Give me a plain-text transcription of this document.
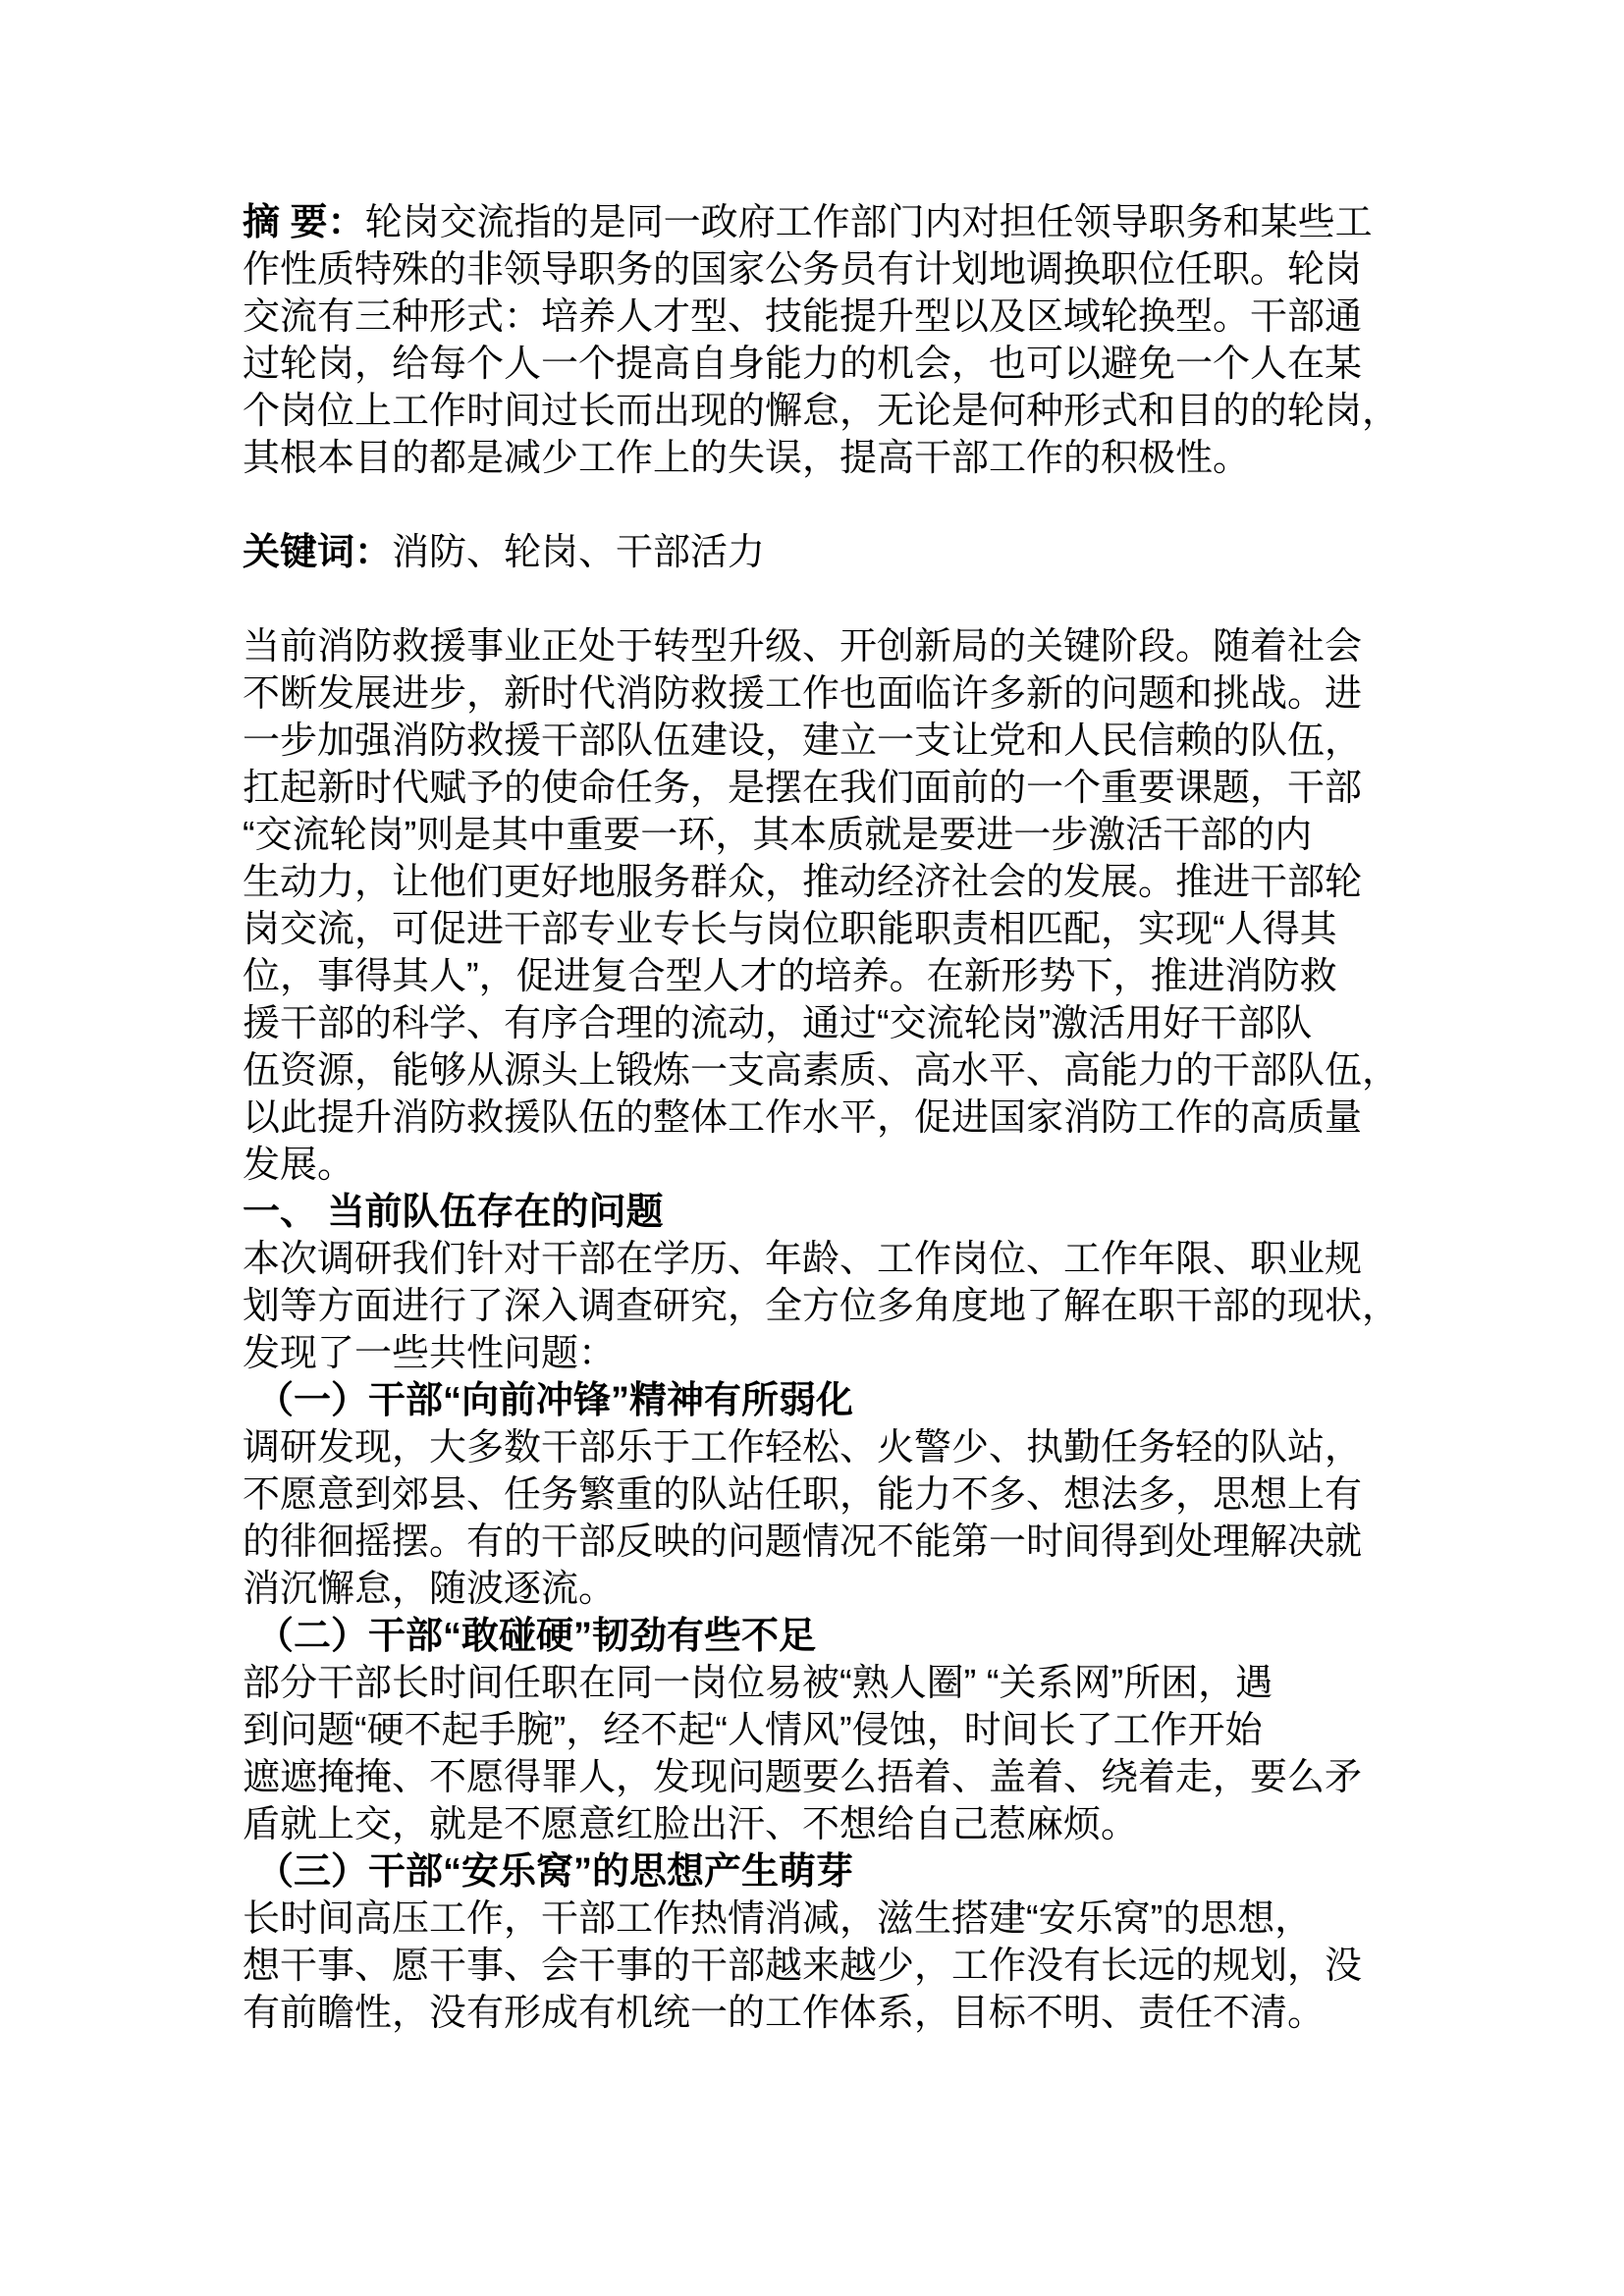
摘 要：轮岗交流指的是同一政府工作部门内对担任领导职务和某些工
作性质特殊的非领导职务的国家公务员有计划地调换职位任职。轮岗
交流有三种形式：培养人才型、技能提升型以及区域轮换型。干部通
过轮岗，给每个人一个提高自身能力的机会，也可以避免一个人在某
个岗位上工作时间过长而出现的懈怠，无论是何种形式和目的的轮岗，
其根本目的都是减少工作上的失误，提高干部工作的积极性。
关键词：消防、轮岗、干部活力
当前消防救援事业正处于转型升级、开创新局的关键阶段。随着社会
不断发展进步，新时代消防救援工作也面临许多新的问题和挑战。进
一步加强消防救援干部队伍建设，建立一支让党和人民信赖的队伍，
扛起新时代赋予的使命任务，是摆在我们面前的一个重要课题，干部
“交流轮岗”则是其中重要一环，其本质就是要进一步激活干部的内
生动力，让他们更好地服务群众，推动经济社会的发展。推进干部轮
岗交流，可促进干部专业专长与岗位职能职责相匹配，实现“人得其
位，事得其人”，促进复合型人才的培养。在新形势下，推进消防救
援干部的科学、有序合理的流动，通过“交流轮岗”激活用好干部队
伍资源，能够从源头上锻炼一支高素质、高水平、高能力的干部队伍，
以此提升消防救援队伍的整体工作水平，促进国家消防工作的高质量
发展。
一、 当前队伍存在的问题
本次调研我们针对干部在学历、年龄、工作岗位、工作年限、职业规
划等方面进行了深入调查研究，全方位多角度地了解在职干部的现状，
发现了一些共性问题：
（一）干部“向前冲锋”精神有所弱化
调研发现，大多数干部乐于工作轻松、火警少、执勤任务轻的队站，
不愿意到郊县、任务繁重的队站任职，能力不多、想法多，思想上有
的徘徊摇摆。有的干部反映的问题情况不能第一时间得到处理解决就
消沉懈怠，随波逐流。
（二）干部“敢碰硬”韧劲有些不足
部分干部长时间任职在同一岗位易被“熟人圈” “关系网”所困，遇
到问题“硬不起手腕”，经不起“人情风”侵蚀，时间长了工作开始
遮遮掩掩、不愿得罪人，发现问题要么捂着、盖着、绕着走，要么矛
盾就上交，就是不愿意红脸出汗、不想给自己惹麻烦。
（三）干部“安乐窝”的思想产生萌芽
长时间高压工作，干部工作热情消减，滋生搭建“安乐窝”的思想，
想干事、愿干事、会干事的干部越来越少，工作没有长远的规划，没
有前瞻性，没有形成有机统一的工作体系，目标不明、责任不清。
